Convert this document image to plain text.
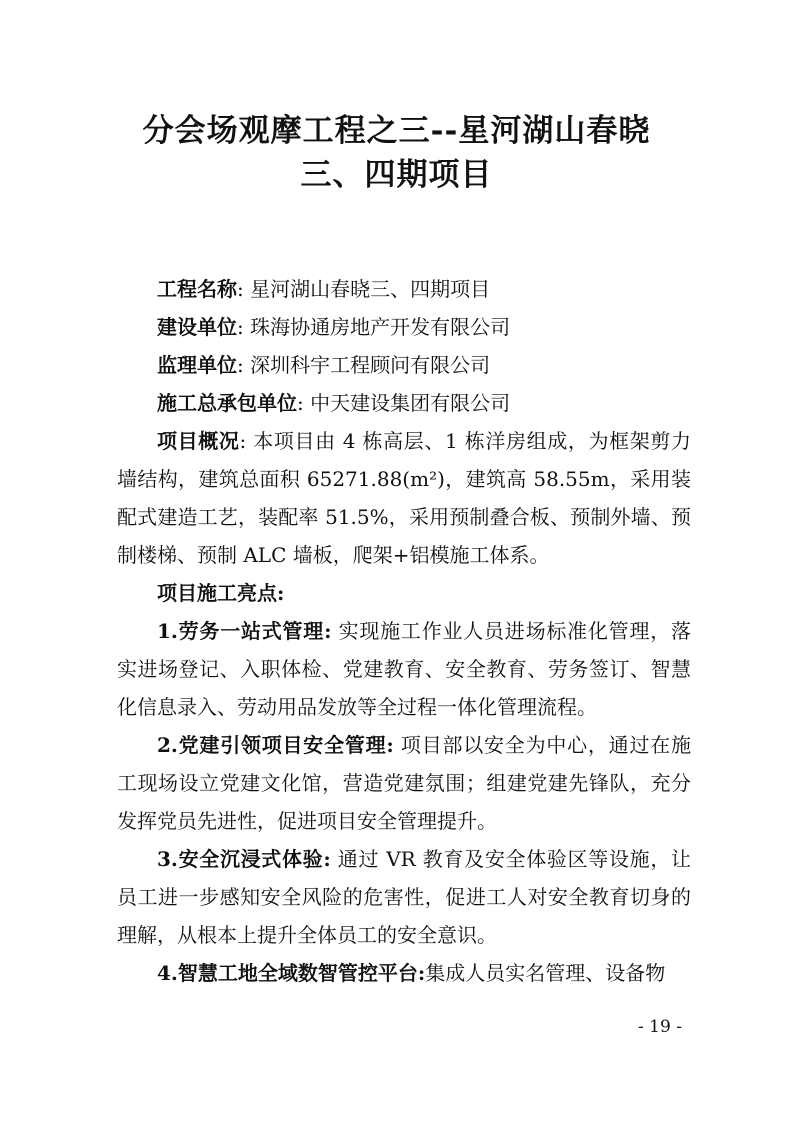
分会场观摩工程之三--星河湖山春晓
三、四期项目

工程名称: 星河湖山春晓三、四期项目

建设单位: 珠海协通房地产开发有限公司

监理单位: 深圳科宇工程顾问有限公司

施工总承包单位: 中天建设集团有限公司

项目概况: 本项目由 4 栋高层、1 栋洋房组成，为框架剪力墙结构，建筑总面积 65271.88(m²)，建筑高 58.55m，采用装配式建造工艺，装配率 51.5%，采用预制叠合板、预制外墙、预制楼梯、预制 ALC 墙板，爬架+铝模施工体系。

项目施工亮点:

1.劳务一站式管理: 实现施工作业人员进场标准化管理，落实进场登记、入职体检、党建教育、安全教育、劳务签订、智慧化信息录入、劳动用品发放等全过程一体化管理流程。

2.党建引领项目安全管理: 项目部以安全为中心，通过在施工现场设立党建文化馆，营造党建氛围；组建党建先锋队，充分发挥党员先进性，促进项目安全管理提升。

3.安全沉浸式体验: 通过 VR 教育及安全体验区等设施，让员工进一步感知安全风险的危害性，促进工人对安全教育切身的理解，从根本上提升全体员工的安全意识。

4.智慧工地全域数智管控平台:集成人员实名管理、设备物

- 19 -
